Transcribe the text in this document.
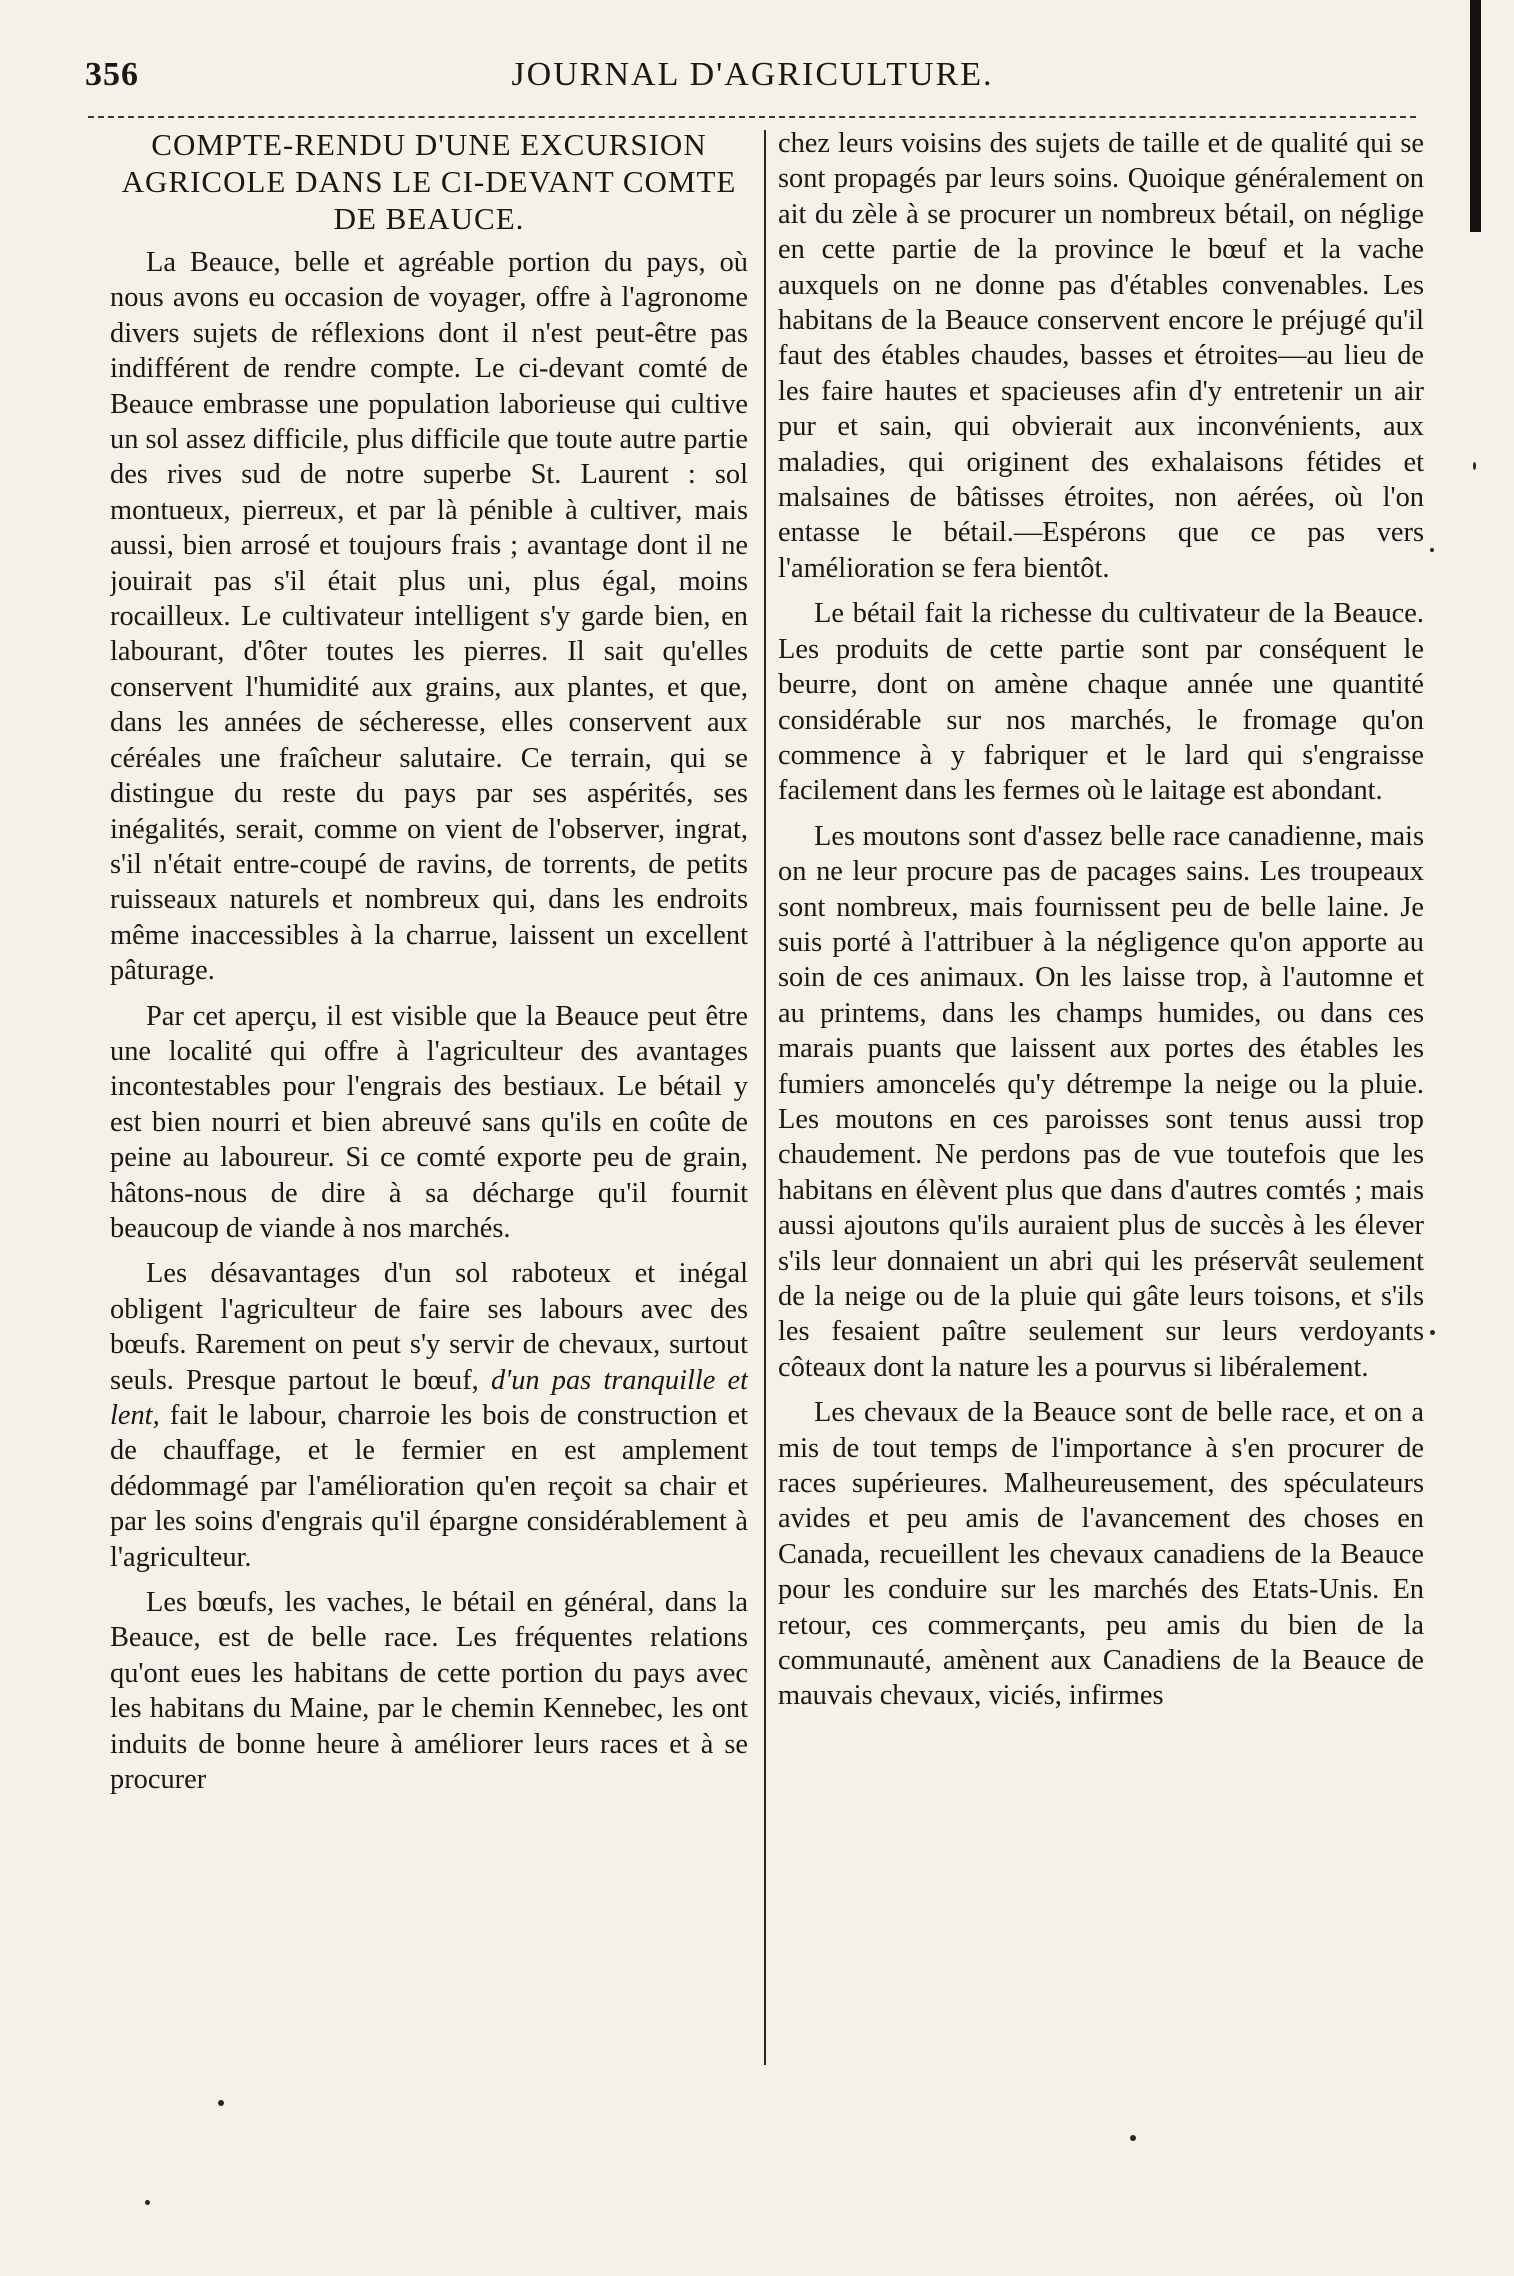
356	JOURNAL D'AGRICULTURE.
COMPTE-RENDU D'UNE EXCURSION
AGRICOLE DANS LE CI-DEVANT COMTE
DE BEAUCE.

La Beauce, belle et agréable portion du pays, où nous avons eu occasion de voyager, offre à l'agronome divers sujets de réflexions dont il n'est peut-être pas indifférent de rendre compte. Le ci-devant comté de Beauce embrasse une population laborieuse qui cultive un sol assez difficile, plus difficile que toute autre partie des rives sud de notre superbe St. Laurent : sol montueux, pierreux, et par là pénible à cultiver, mais aussi, bien arrosé et toujours frais ; avantage dont il ne jouirait pas s'il était plus uni, plus égal, moins rocailleux. Le cultivateur intelligent s'y garde bien, en labourant, d'ôter toutes les pierres. Il sait qu'elles conservent l'humidité aux grains, aux plantes, et que, dans les années de sécheresse, elles conservent aux céréales une fraîcheur salutaire. Ce terrain, qui se distingue du reste du pays par ses aspérités, ses inégalités, serait, comme on vient de l'observer, ingrat, s'il n'était entre-coupé de ravins, de torrents, de petits ruisseaux naturels et nombreux qui, dans les endroits même inaccessibles à la charrue, laissent un excellent pâturage.

Par cet aperçu, il est visible que la Beauce peut être une localité qui offre à l'agriculteur des avantages incontestables pour l'engrais des bestiaux. Le bétail y est bien nourri et bien abreuvé sans qu'ils en coûte de peine au laboureur. Si ce comté exporte peu de grain, hâtons-nous de dire à sa décharge qu'il fournit beaucoup de viande à nos marchés.

Les désavantages d'un sol raboteux et inégal obligent l'agriculteur de faire ses labours avec des bœufs. Rarement on peut s'y servir de chevaux, surtout seuls. Presque partout le bœuf, d'un pas tranquille et lent, fait le labour, charroie les bois de construction et de chauffage, et le fermier en est amplement dédommagé par l'amélioration qu'en reçoit sa chair et par les soins d'engrais qu'il épargne considérablement à l'agriculteur.

Les bœufs, les vaches, le bétail en général, dans la Beauce, est de belle race. Les fréquentes relations qu'ont eues les habitans de cette portion du pays avec les habitans du Maine, par le chemin Kennebec, les ont induits de bonne heure à améliorer leurs races et à se procurer

chez leurs voisins des sujets de taille et de qualité qui se sont propagés par leurs soins. Quoique généralement on ait du zèle à se procurer un nombreux bétail, on néglige en cette partie de la province le bœuf et la vache auxquels on ne donne pas d'étables convenables. Les habitans de la Beauce conservent encore le préjugé qu'il faut des étables chaudes, basses et étroites—au lieu de les faire hautes et spacieuses afin d'y entretenir un air pur et sain, qui obvierait aux inconvénients, aux maladies, qui originent des exhalaisons fétides et malsaines de bâtisses étroites, non aérées, où l'on entasse le bétail.—Espérons que ce pas vers l'amélioration se fera bientôt.

Le bétail fait la richesse du cultivateur de la Beauce. Les produits de cette partie sont par conséquent le beurre, dont on amène chaque année une quantité considérable sur nos marchés, le fromage qu'on commence à y fabriquer et le lard qui s'engraisse facilement dans les fermes où le laitage est abondant.

Les moutons sont d'assez belle race canadienne, mais on ne leur procure pas de pacages sains. Les troupeaux sont nombreux, mais fournissent peu de belle laine. Je suis porté à l'attribuer à la négligence qu'on apporte au soin de ces animaux. On les laisse trop, à l'automne et au printems, dans les champs humides, ou dans ces marais puants que laissent aux portes des étables les fumiers amoncelés qu'y détrempe la neige ou la pluie. Les moutons en ces paroisses sont tenus aussi trop chaudement. Ne perdons pas de vue toutefois que les habitans en élèvent plus que dans d'autres comtés ; mais aussi ajoutons qu'ils auraient plus de succès à les élever s'ils leur donnaient un abri qui les préservât seulement de la neige ou de la pluie qui gâte leurs toisons, et s'ils les fesaient paître seulement sur leurs verdoyants côteaux dont la nature les a pourvus si libéralement.

Les chevaux de la Beauce sont de belle race, et on a mis de tout temps de l'importance à s'en procurer de races supérieures. Malheureusement, des spéculateurs avides et peu amis de l'avancement des choses en Canada, recueillent les chevaux canadiens de la Beauce pour les conduire sur les marchés des Etats-Unis. En retour, ces commerçants, peu amis du bien de la communauté, amènent aux Canadiens de la Beauce de mauvais chevaux, viciés, infirmes
